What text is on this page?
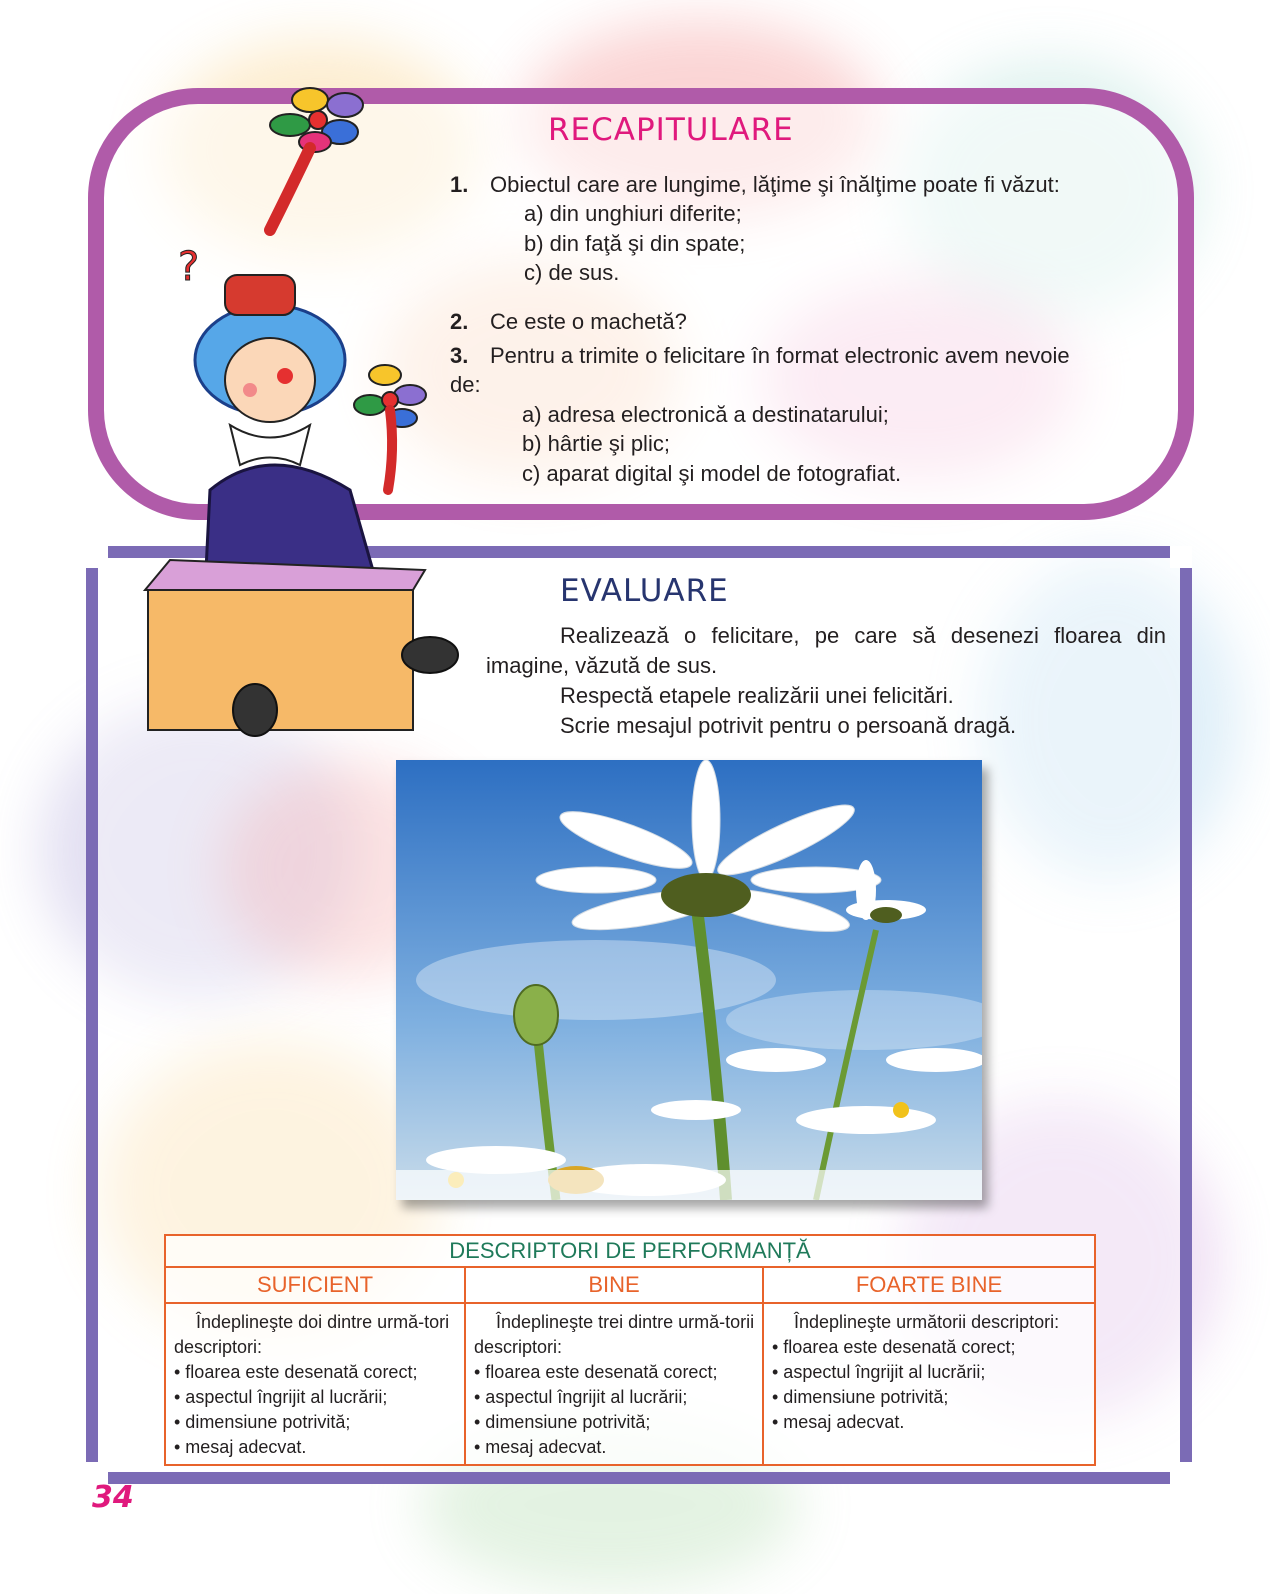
RECAPITULARE
1. Obiectul care are lungime, lăţime şi înălţime poate fi văzut:
a) din unghiuri diferite;
b) din faţă şi din spate;
c) de sus.
2. Ce este o machetă?
3. Pentru a trimite o felicitare în format electronic avem nevoie
de:
a) adresa electronică a destinatarului;
b) hârtie şi plic;
c) aparat digital şi model de fotografiat.
EVALUARE
Realizează o felicitare, pe care să desenezi floarea din
imagine, văzută de sus.
Respectă etapele realizării unei felicitări.
Scrie mesajul potrivit pentru o persoană dragă.
?
DESCRIPTORI DE PERFORMANȚĂ		
SUFICIENT	BINE	FOARTE BINE

Îndeplineşte doi dintre urmă-tori descriptori:
• floarea este desenată corect;
• aspectul îngrijit al lucrării;
• dimensiune potrivită;
• mesaj adecvat.	Îndeplineşte trei dintre urmă-torii descriptori:
• floarea este desenată corect;
• aspectul îngrijit al lucrării;
• dimensiune potrivită;
• mesaj adecvat.	Îndeplineşte următorii descriptori:
• floarea este desenată corect;
• aspectul îngrijit al lucrării;
• dimensiune potrivită;
• mesaj adecvat.

34
